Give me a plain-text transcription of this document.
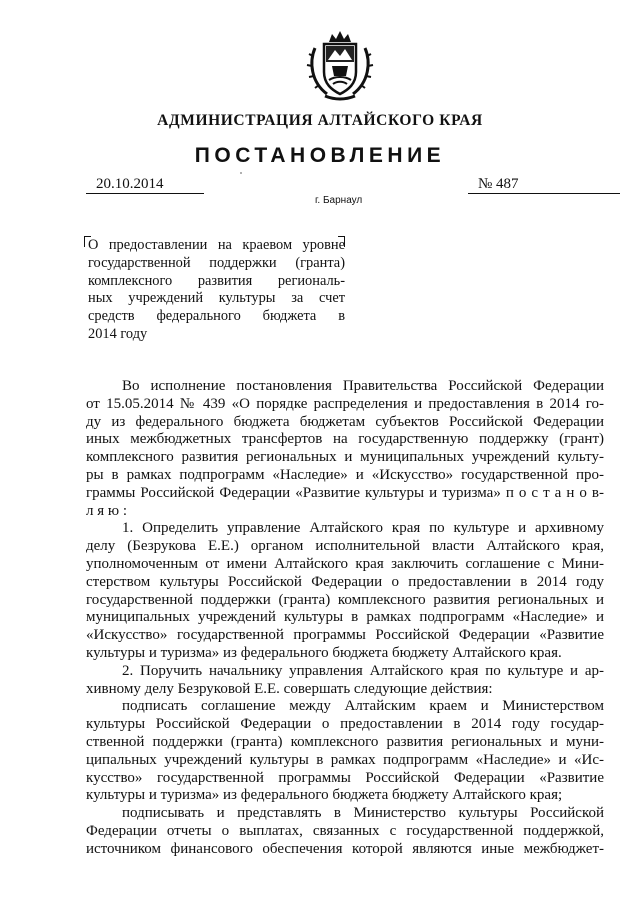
АДМИНИСТРАЦИЯ АЛТАЙСКОГО КРАЯ
ПОСТАНОВЛЕНИЕ
20.10.2014	№ 487
г. Барнаул
О предоставлении на краевом уровне
государственной поддержки (гранта)
комплексного развития региональ-
ных учреждений культуры за счет
средств федерального бюджета в
2014 году
Во исполнение постановления Правительства Российской Федерации
от 15.05.2014 № 439 «О порядке распределения и предоставления в 2014 го-
ду из федерального бюджета бюджетам субъектов Российской Федерации
иных межбюджетных трансфертов на государственную поддержку (грант)
комплексного развития региональных и муниципальных учреждений культу-
ры в рамках подпрограмм «Наследие» и «Искусство» государственной про-
граммы Российской Федерации «Развитие культуры и туризма» п о с т а н о в-
л я ю :
1. Определить управление Алтайского края по культуре и архивному
делу (Безрукова Е.Е.) органом исполнительной власти Алтайского края,
уполномоченным от имени Алтайского края заключить соглашение с Мини-
стерством культуры Российской Федерации о предоставлении в 2014 году
государственной поддержки (гранта) комплексного развития региональных и
муниципальных учреждений культуры в рамках подпрограмм «Наследие» и
«Искусство» государственной программы Российской Федерации «Развитие
культуры и туризма» из федерального бюджета бюджету Алтайского края.
2. Поручить начальнику управления Алтайского края по культуре и ар-
хивному делу Безруковой Е.Е. совершать следующие действия:
подписать соглашение между Алтайским краем и Министерством
культуры Российской Федерации о предоставлении в 2014 году государ-
ственной поддержки (гранта) комплексного развития региональных и муни-
ципальных учреждений культуры в рамках подпрограмм «Наследие» и «Ис-
кусство» государственной программы Российской Федерации «Развитие
культуры и туризма» из федерального бюджета бюджету Алтайского края;
подписывать и представлять в Министерство культуры Российской
Федерации отчеты о выплатах, связанных с государственной поддержкой,
источником финансового обеспечения которой являются иные межбюджет-
